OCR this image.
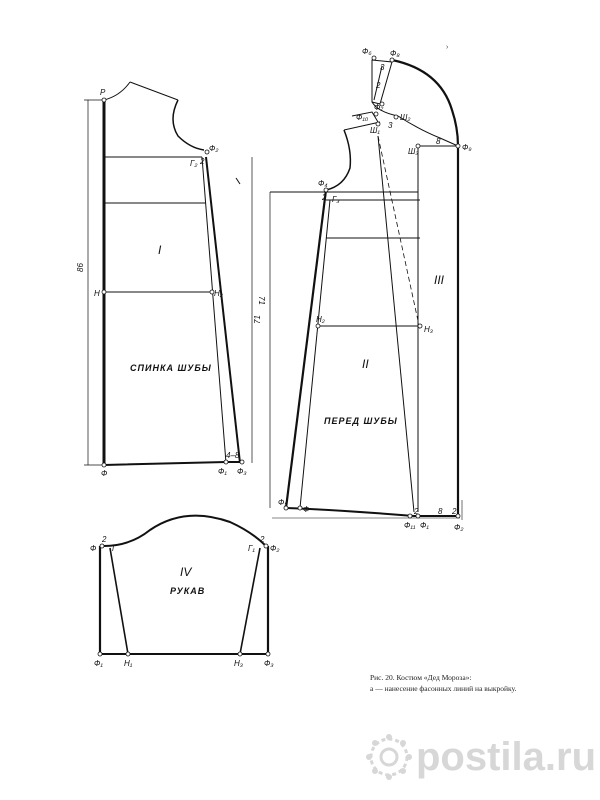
P
Ф₂
Г₂ 2
Н	Н₂
Ф	Ф₁ Ф₃
4–8
86
71
I
СПИНКА ШУБЫ
Ф₆ Ф₈
3
2
Ф₇
Ф₁₀	Ш₂
Ш₁
3
Ш₃
8
Ф₉
Ф₄
2 Г₃
Н₂
Н₃
Ф₅
Ф	2
Ф₁₁ Ф₁
8 2
Ф₂
71
II
ПЕРЕД ШУБЫ
III
2	2
Ф Г	Г₁ Ф₂
Ф₁	Н₁	Н₃	Ф₃
IV
РУКАВ
›
Рис. 20. Костюм «Дед Мороза»:
а — нанесение фасонных линий на выкройку.
postila.ru
